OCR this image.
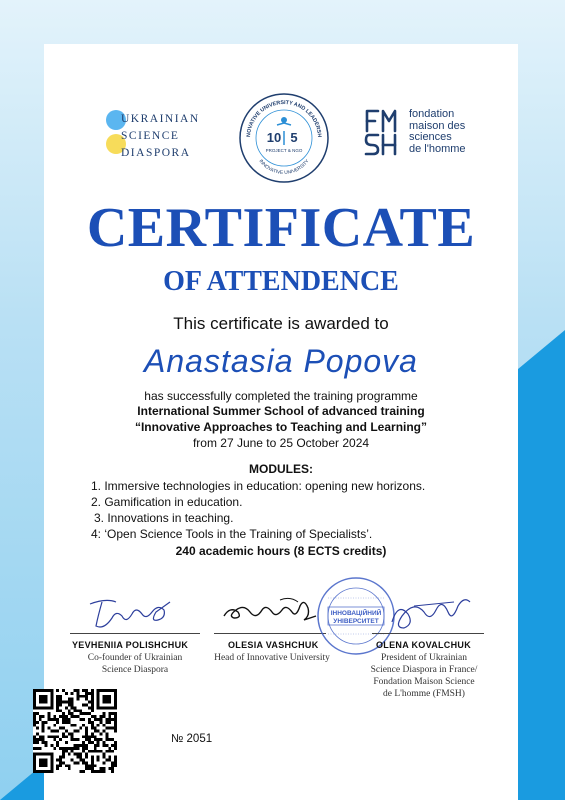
UKRAINIAN
SCIENCE
DIASPORA
NOVATIVE UNIVERSITY AND LEADERSH
INNOVATIVE UNIVERSITY
10 5
PROJECT & NGO
fondation
maison des
sciences
de l'homme
CERTIFICATE
OF ATTENDENCE
This certificate is awarded to
Anastasia Popova
has successfully completed the training programme
International Summer School of advanced training
“Innovative Approaches to Teaching and Learning”
from 27 June to 25 October 2024
MODULES:
1. Immersive technologies in education: opening new horizons.
2. Gamification in education.
3. Innovations in teaching.
4: ‘Open Science Tools in the Training of Specialists’.
240 academic hours (8 ECTS credits)
ІННОВАЦІЙНИЙ
УНІВЕРСИТЕТ
YEVHENIIA POLISHCHUK
Co-founder of Ukrainian
Science Diaspora
OLESIA VASHCHUK
Head of Innovative University
OLENA KOVALCHUK
President of Ukrainian
Science Diaspora in France/
Fondation Maison Science
de L'homme (FMSH)
№ 2051
